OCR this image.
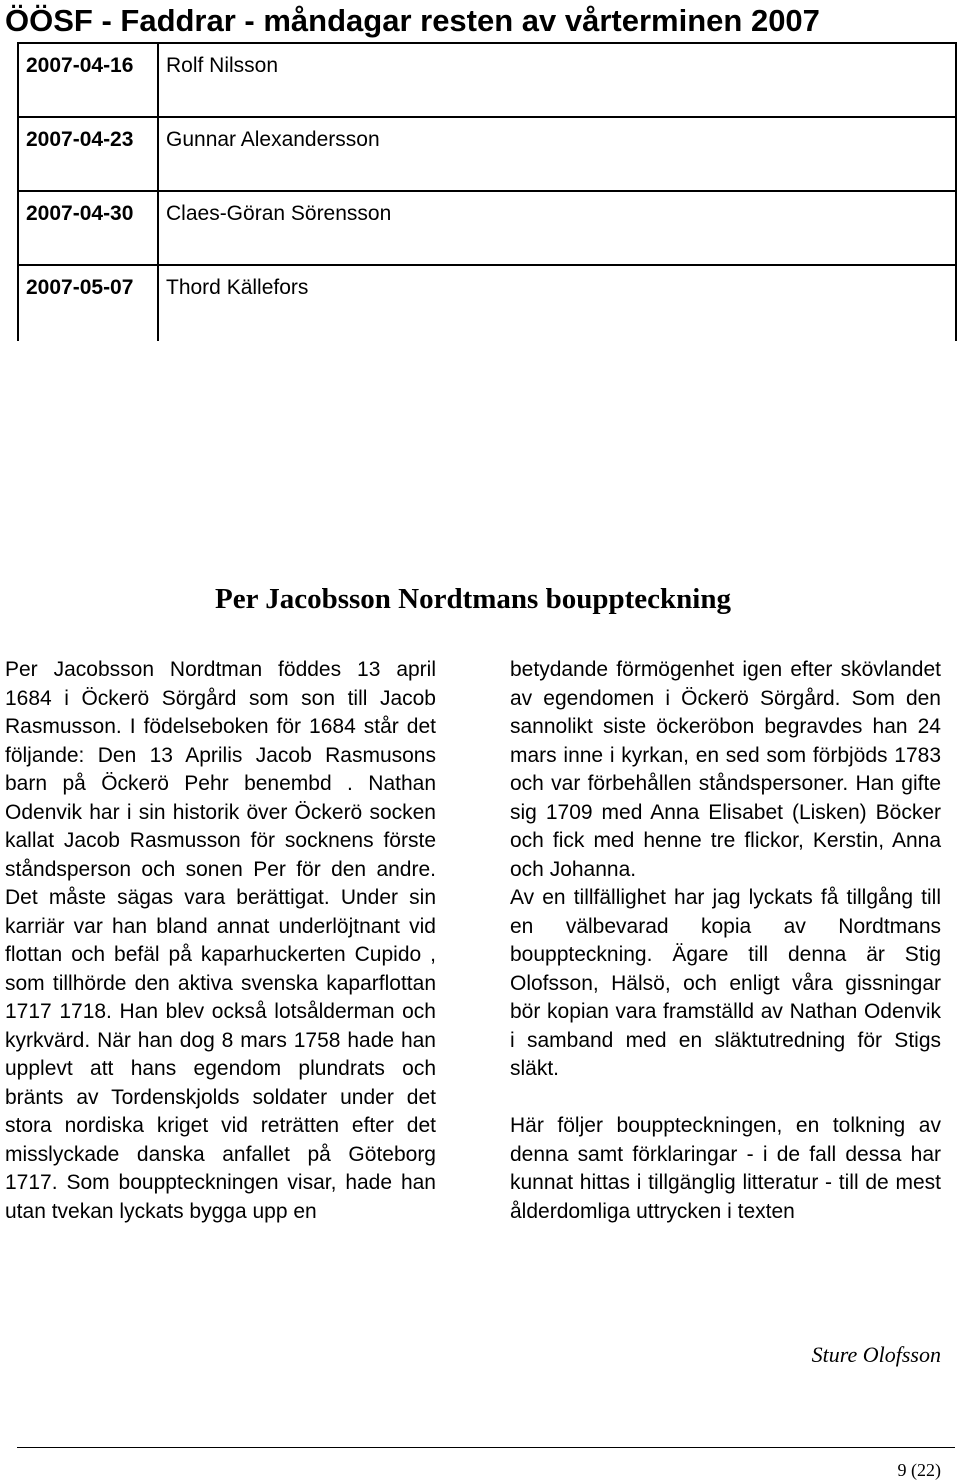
ÖÖSF - Faddrar - måndagar resten av vårterminen 2007
2007-04-16	Rolf Nilsson
2007-04-23	Gunnar Alexandersson
2007-04-30	Claes-Göran Sörensson
2007-05-07	Thord Källefors
Per Jacobsson Nordtmans bouppteckning

Per Jacobsson Nordtman föddes 13 april 1684 i Öckerö Sörgård som son till Jacob Rasmusson. I födelseboken för 1684 står det följande: Den 13 Aprilis Jacob Rasmusons barn på Öckerö Pehr benembd . Nathan Odenvik har i sin historik över Öckerö socken kallat Jacob Rasmusson för socknens förste ståndsperson och sonen Per för den andre. Det måste sägas vara berättigat. Under sin karriär var han bland annat underlöjtnant vid flottan och befäl på kaparhuckerten Cupido , som tillhörde den aktiva svenska kaparflottan 1717 1718. Han blev också lotsålderman och kyrkvärd. När han dog 8 mars 1758 hade han upplevt att hans egendom plundrats och bränts av Tordenskjolds soldater under det stora nordiska kriget vid reträtten efter det misslyckade danska anfallet på Göteborg 1717. Som bouppteckningen visar, hade han utan tvekan lyckats bygga upp en

betydande förmögenhet igen efter skövlandet av egendomen i Öckerö Sörgård. Som den sannolikt siste öckeröbon begravdes han 24 mars inne i kyrkan, en sed som förbjöds 1783 och var förbehållen ståndspersoner. Han gifte sig 1709 med Anna Elisabet (Lisken) Böcker och fick med henne tre flickor, Kerstin, Anna och Johanna.

Av en tillfällighet har jag lyckats få tillgång till en välbevarad kopia av Nordtmans bouppteckning. Ägare till denna är Stig Olofsson, Hälsö, och enligt våra gissningar bör kopian vara framställd av Nathan Odenvik i samband med en släktutredning för Stigs släkt.

Här följer bouppteckningen, en tolkning av denna samt förklaringar - i de fall dessa har kunnat hittas i tillgänglig litteratur - till de mest ålderdomliga uttrycken i texten

Sture Olofsson

9 (22)
